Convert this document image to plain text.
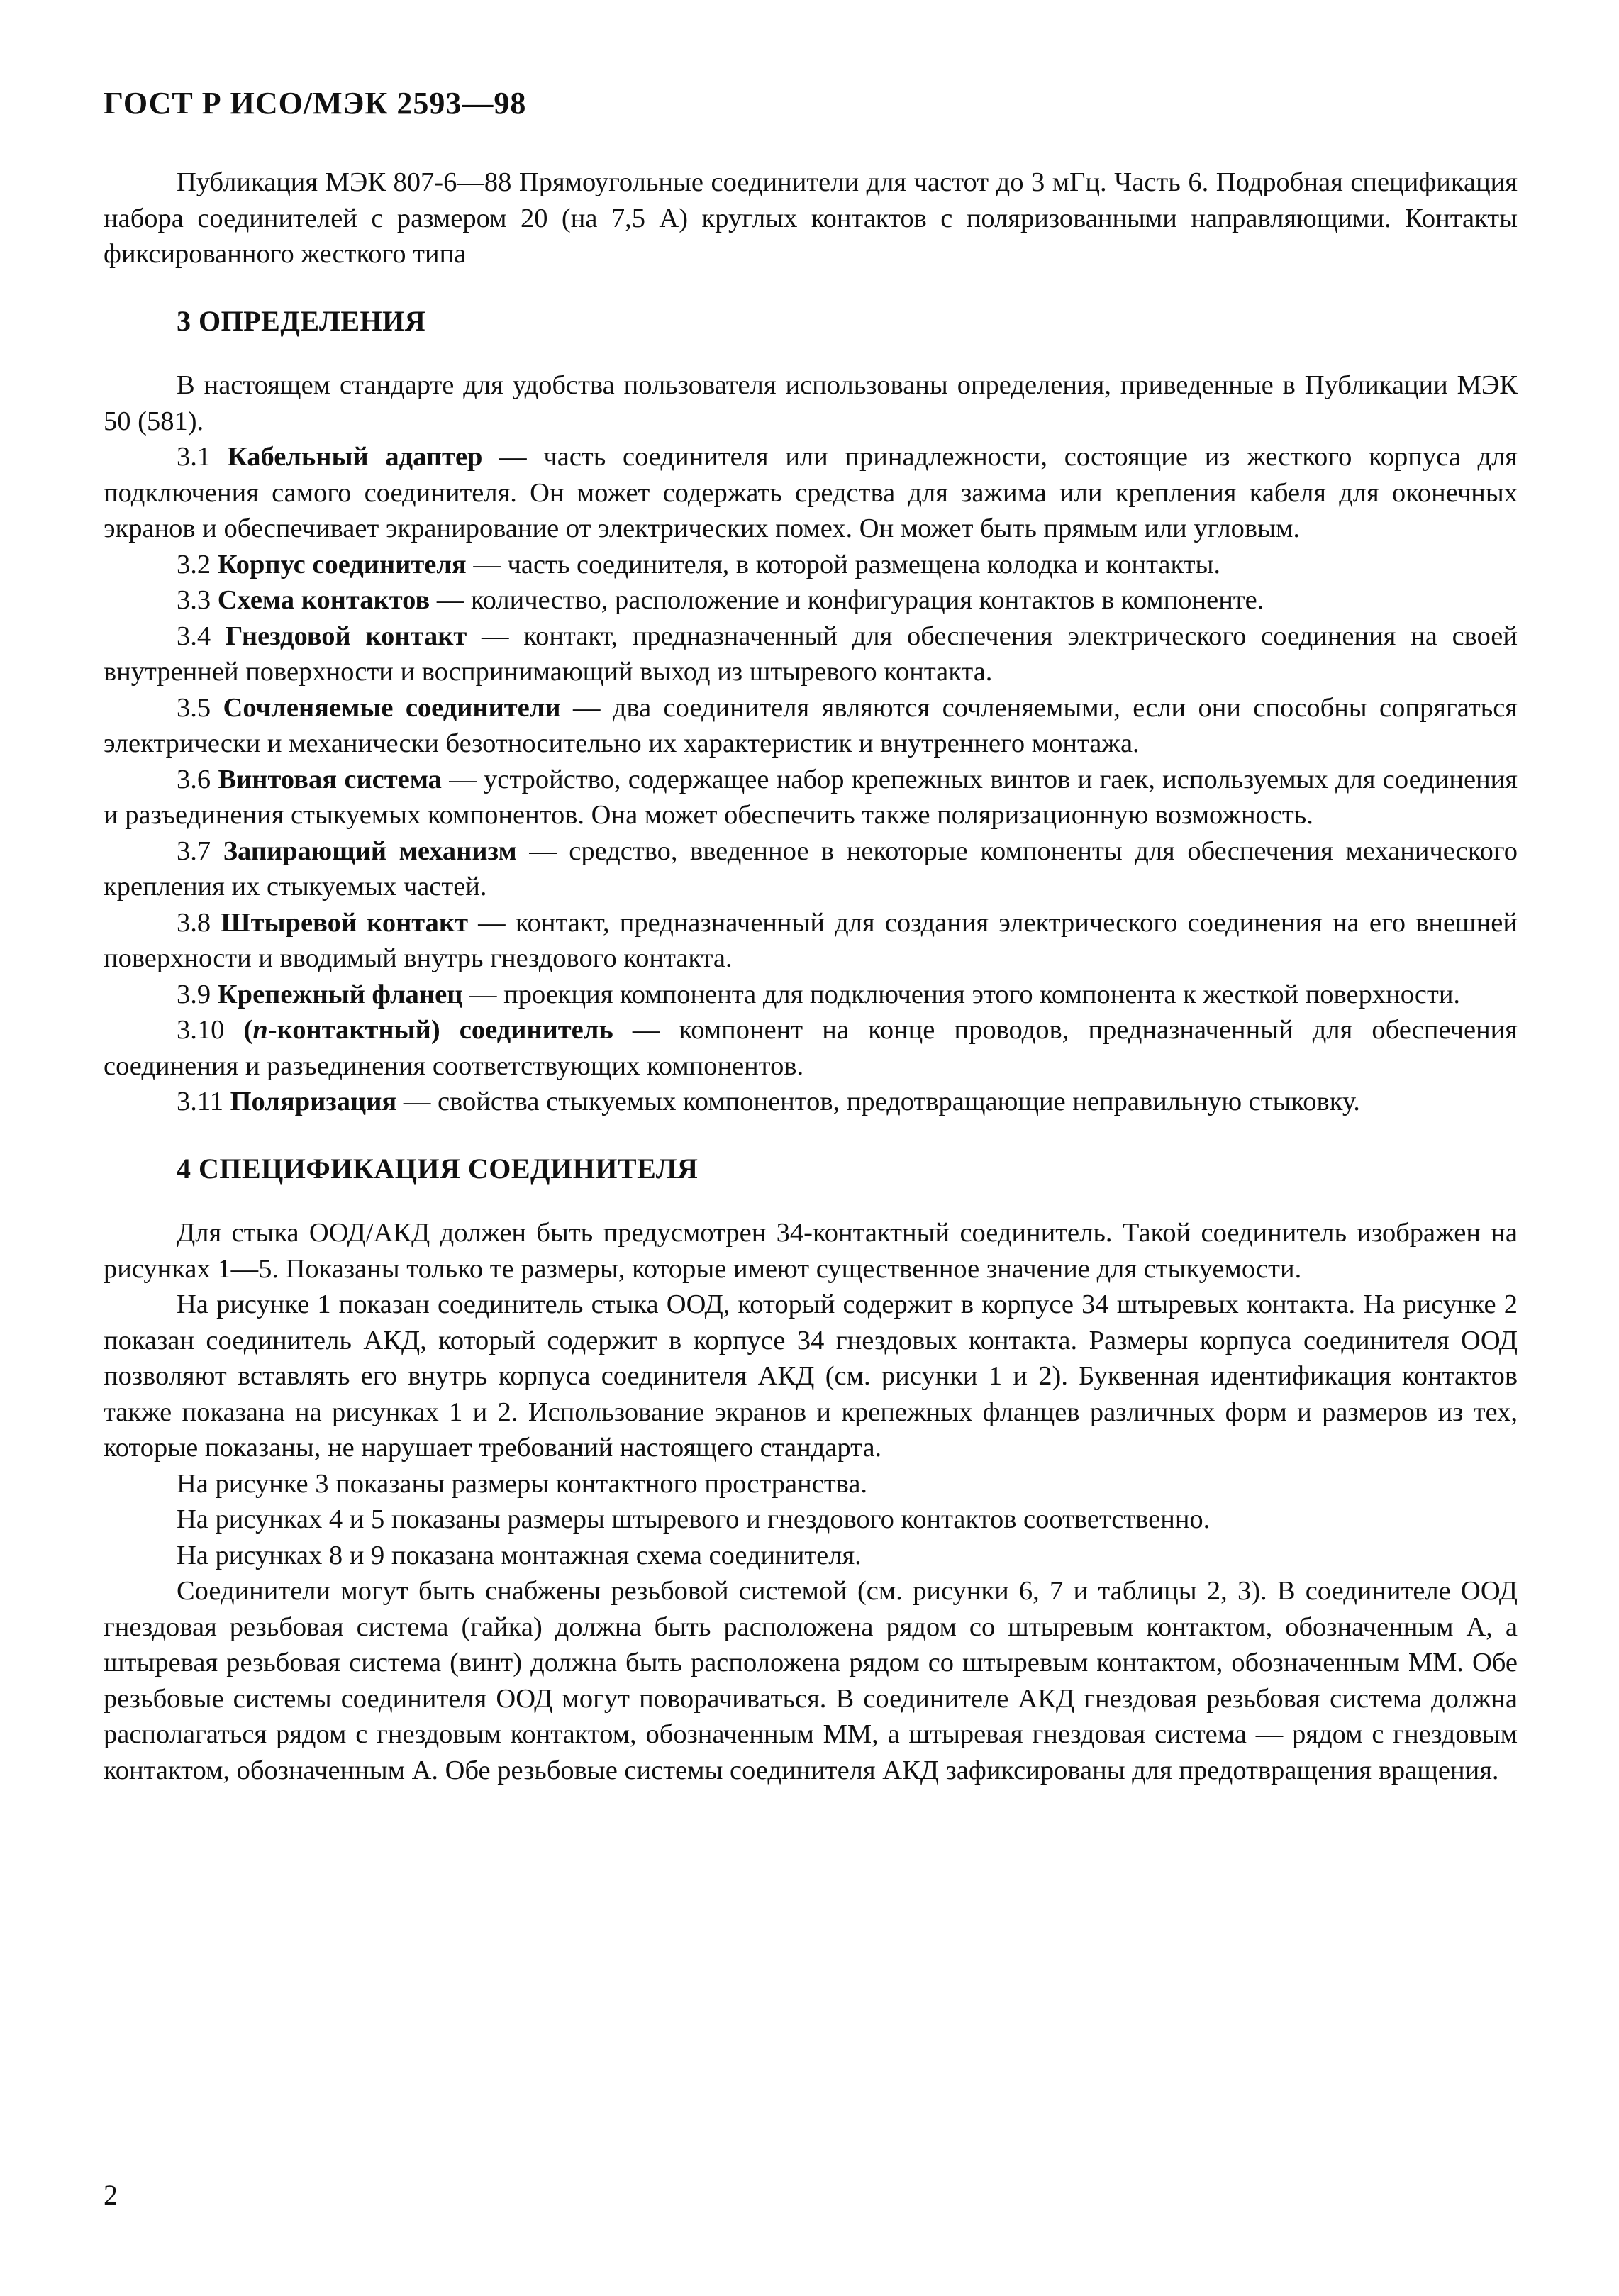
ГОСТ Р ИСО/МЭК 2593—98

Публикация МЭК 807-6—88 Прямоугольные соединители для частот до 3 мГц. Часть 6. Подробная спецификация набора соединителей с размером 20 (на 7,5 А) круглых контактов с поляризованными направляющими. Контакты фиксированного жесткого типа

3 ОПРЕДЕЛЕНИЯ

В настоящем стандарте для удобства пользователя использованы определения, приведенные в Публикации МЭК 50 (581).

3.1 Кабельный адаптер — часть соединителя или принадлежности, состоящие из жесткого корпуса для подключения самого соединителя. Он может содержать средства для зажима или крепления кабеля для оконечных экранов и обеспечивает экранирование от электрических помех. Он может быть прямым или угловым.

3.2 Корпус соединителя — часть соединителя, в которой размещена колодка и контакты.

3.3 Схема контактов — количество, расположение и конфигурация контактов в компоненте.

3.4 Гнездовой контакт — контакт, предназначенный для обеспечения электрического соединения на своей внутренней поверхности и воспринимающий выход из штыревого контакта.

3.5 Сочленяемые соединители — два соединителя являются сочленяемыми, если они способны сопрягаться электрически и механически безотносительно их характеристик и внутреннего монтажа.

3.6 Винтовая система — устройство, содержащее набор крепежных винтов и гаек, используемых для соединения и разъединения стыкуемых компонентов. Она может обеспечить также поляризационную возможность.

3.7 Запирающий механизм — средство, введенное в некоторые компоненты для обеспечения механического крепления их стыкуемых частей.

3.8 Штыревой контакт — контакт, предназначенный для создания электрического соединения на его внешней поверхности и вводимый внутрь гнездового контакта.

3.9 Крепежный фланец — проекция компонента для подключения этого компонента к жесткой поверхности.

3.10 (n-контактный) соединитель — компонент на конце проводов, предназначенный для обеспечения соединения и разъединения соответствующих компонентов.

3.11 Поляризация — свойства стыкуемых компонентов, предотвращающие неправильную стыковку.

4 СПЕЦИФИКАЦИЯ СОЕДИНИТЕЛЯ

Для стыка ООД/АКД должен быть предусмотрен 34-контактный соединитель. Такой соединитель изображен на рисунках 1—5. Показаны только те размеры, которые имеют существенное значение для стыкуемости.

На рисунке 1 показан соединитель стыка ООД, который содержит в корпусе 34 штыревых контакта. На рисунке 2 показан соединитель АКД, который содержит в корпусе 34 гнездовых контакта. Размеры корпуса соединителя ООД позволяют вставлять его внутрь корпуса соединителя АКД (см. рисунки 1 и 2). Буквенная идентификация контактов также показана на рисунках 1 и 2. Использование экранов и крепежных фланцев различных форм и размеров из тех, которые показаны, не нарушает требований настоящего стандарта.

На рисунке 3 показаны размеры контактного пространства.

На рисунках 4 и 5 показаны размеры штыревого и гнездового контактов соответственно.

На рисунках 8 и 9 показана монтажная схема соединителя.

Соединители могут быть снабжены резьбовой системой (см. рисунки 6, 7 и таблицы 2, 3). В соединителе ООД гнездовая резьбовая система (гайка) должна быть расположена рядом со штыревым контактом, обозначенным А, а штыревая резьбовая система (винт) должна быть расположена рядом со штыревым контактом, обозначенным ММ. Обе резьбовые системы соединителя ООД могут поворачиваться. В соединителе АКД гнездовая резьбовая система должна располагаться рядом с гнездовым контактом, обозначенным ММ, а штыревая гнездовая система — рядом с гнездовым контактом, обозначенным А. Обе резьбовые системы соединителя АКД зафиксированы для предотвращения вращения.

2
